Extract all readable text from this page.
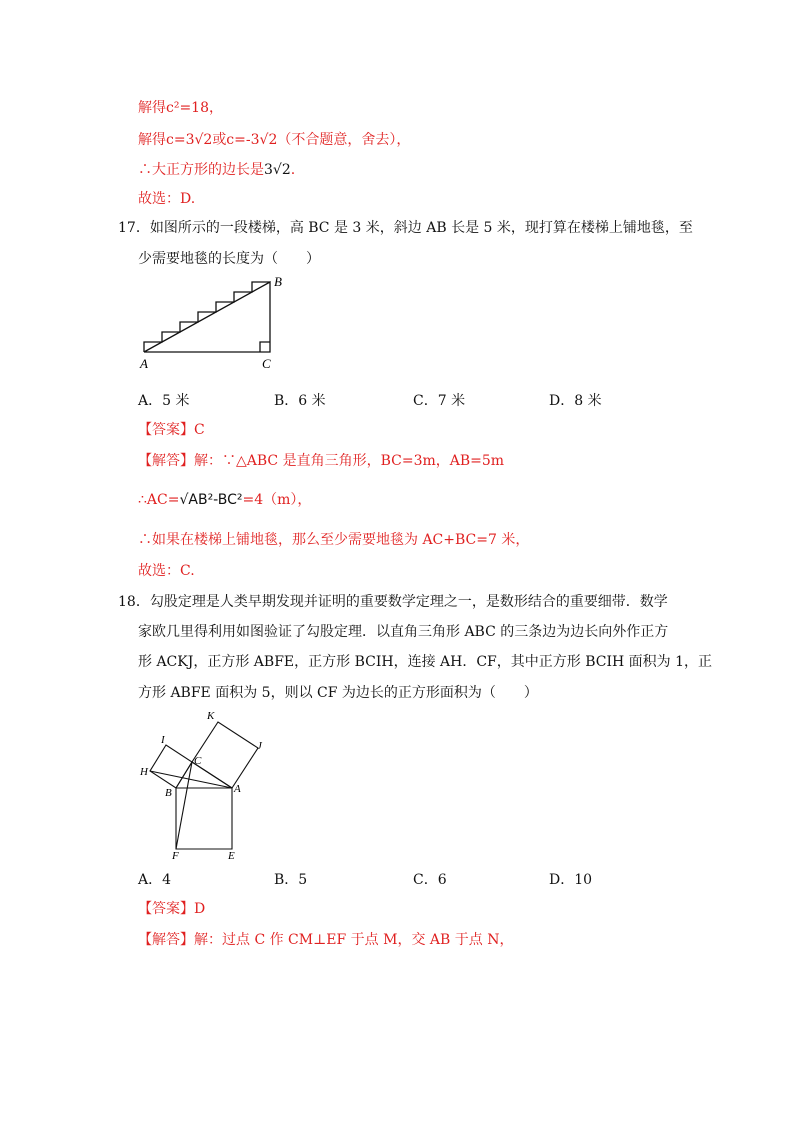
解得c²=18，
解得c=3√2或c=-3√2（不合题意，舍去），
∴大正方形的边长是3√2.
故选：D.
17．如图所示的一段楼梯，高 BC 是 3 米，斜边 AB 长是 5 米，现打算在楼梯上铺地毯，至
少需要地毯的长度为（　　）
A
B
C
A．5 米	B．6 米	C．7 米	D．8 米
【答案】C
【解答】解：∵△ABC 是直角三角形，BC=3m，AB=5m
∴AC=√AB²-BC²=4（m），
∴如果在楼梯上铺地毯，那么至少需要地毯为 AC+BC=7 米，
故选：C.
18．勾股定理是人类早期发现并证明的重要数学定理之一，是数形结合的重要细带．数学
家欧几里得利用如图验证了勾股定理．以直角三角形 ABC 的三条边为边长向外作正方
形 ACKJ，正方形 ABFE，正方形 BCIH，连接 AH．CF，其中正方形 BCIH 面积为 1，正
方形 ABFE 面积为 5，则以 CF 为边长的正方形面积为（　　）
K
I	J
C
H
B	A
F	E
A．4	B．5	C．6	D．10
【答案】D
【解答】解：过点 C 作 CM⊥EF 于点 M，交 AB 于点 N，
